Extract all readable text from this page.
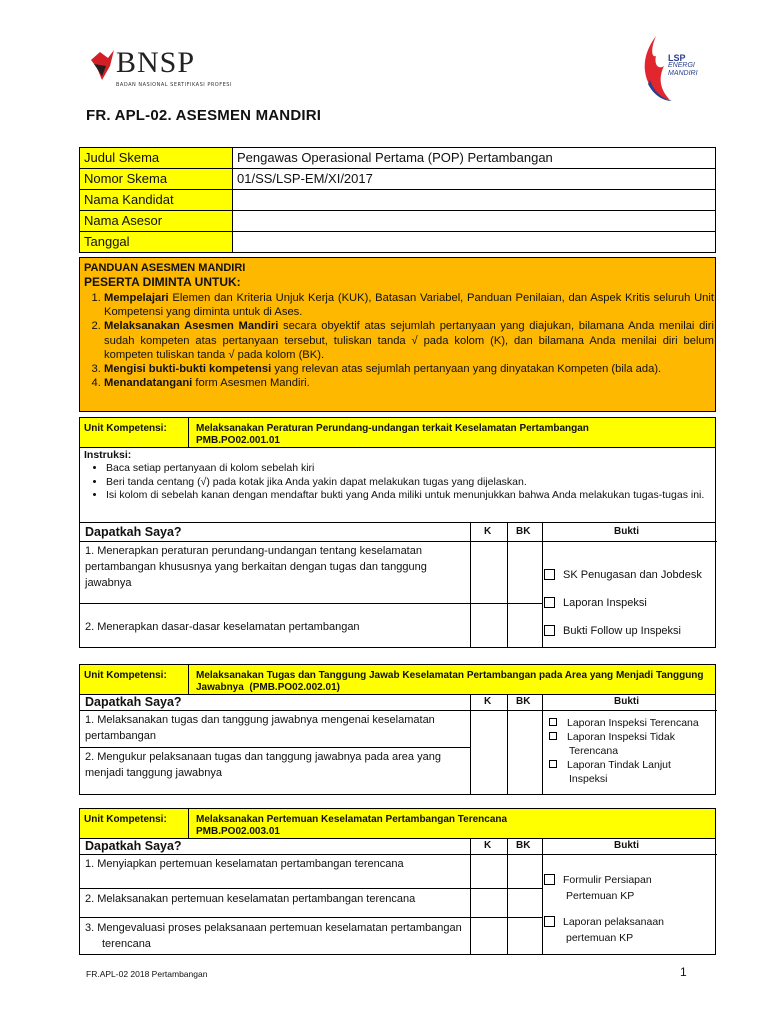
BNSP
BADAN NASIONAL SERTIFIKASI PROFESI
LSP
ENERGI
MANDIRI
FR. APL-02. ASESMEN MANDIRI
Judul Skema	Pengawas Operasional Pertama (POP) Pertambangan
Nomor Skema	01/SS/LSP-EM/XI/2017
Nama Kandidat	
Nama Asesor	
Tanggal	
PANDUAN ASESMEN MANDIRI
PESERTA DIMINTA UNTUK:
1. Mempelajari Elemen dan Kriteria Unjuk Kerja (KUK), Batasan Variabel, Panduan Penilaian, dan Aspek Kritis seluruh Unit Kompetensi yang diminta untuk di Ases.
2. Melaksanakan Asesmen Mandiri secara obyektif atas sejumlah pertanyaan yang diajukan, bilamana Anda menilai diri sudah kompeten atas pertanyaan tersebut, tuliskan tanda √ pada kolom (K), dan bilamana Anda menilai diri belum kompeten tuliskan tanda √ pada kolom (BK).
3. Mengisi bukti-bukti kompetensi yang relevan atas sejumlah pertanyaan yang dinyatakan Kompeten (bila ada).
4. Menandatangani form Asesmen Mandiri.
Unit Kompetensi:	Melaksanakan Peraturan Perundang-undangan terkait Keselamatan Pertambangan
PMB.PO02.001.01
Instruksi:
• Baca setiap pertanyaan di kolom sebelah kiri
• Beri tanda centang (√) pada kotak jika Anda yakin dapat melakukan tugas yang dijelaskan.
• Isi kolom di sebelah kanan dengan mendaftar bukti yang Anda miliki untuk menunjukkan bahwa Anda melakukan tugas-tugas ini.
Dapatkah Saya?	K BK	Bukti
1. Menerapkan peraturan perundang-undangan tentang keselamatan pertambangan khususnya yang berkaitan dengan tugas dan tanggung jawabnya
2. Menerapkan dasar-dasar keselamatan pertambangan
SK Penugasan dan Jobdesk
Laporan Inspeksi
Bukti Follow up Inspeksi
Unit Kompetensi:	Melaksanakan Tugas dan Tanggung Jawab Keselamatan Pertambangan pada Area yang Menjadi Tanggung Jawabnya (PMB.PO02.002.01)
Dapatkah Saya?	K BK	Bukti
1. Melaksanakan tugas dan tanggung jawabnya mengenai keselamatan pertambangan
2. Mengukur pelaksanaan tugas dan tanggung jawabnya pada area yang menjadi tanggung jawabnya
Laporan Inspeksi Terencana
Laporan Inspeksi Tidak Terencana
Laporan Tindak Lanjut Inspeksi
Unit Kompetensi:	Melaksanakan Pertemuan Keselamatan Pertambangan Terencana
PMB.PO02.003.01
Dapatkah Saya?	K BK	Bukti
1. Menyiapkan pertemuan keselamatan pertambangan terencana
2. Melaksanakan pertemuan keselamatan pertambangan terencana
3. Mengevaluasi proses pelaksanaan pertemuan keselamatan pertambangan terencana
Formulir Persiapan Pertemuan KP
Laporan pelaksanaan pertemuan KP
FR.APL-02 2018 Pertambangan	1
